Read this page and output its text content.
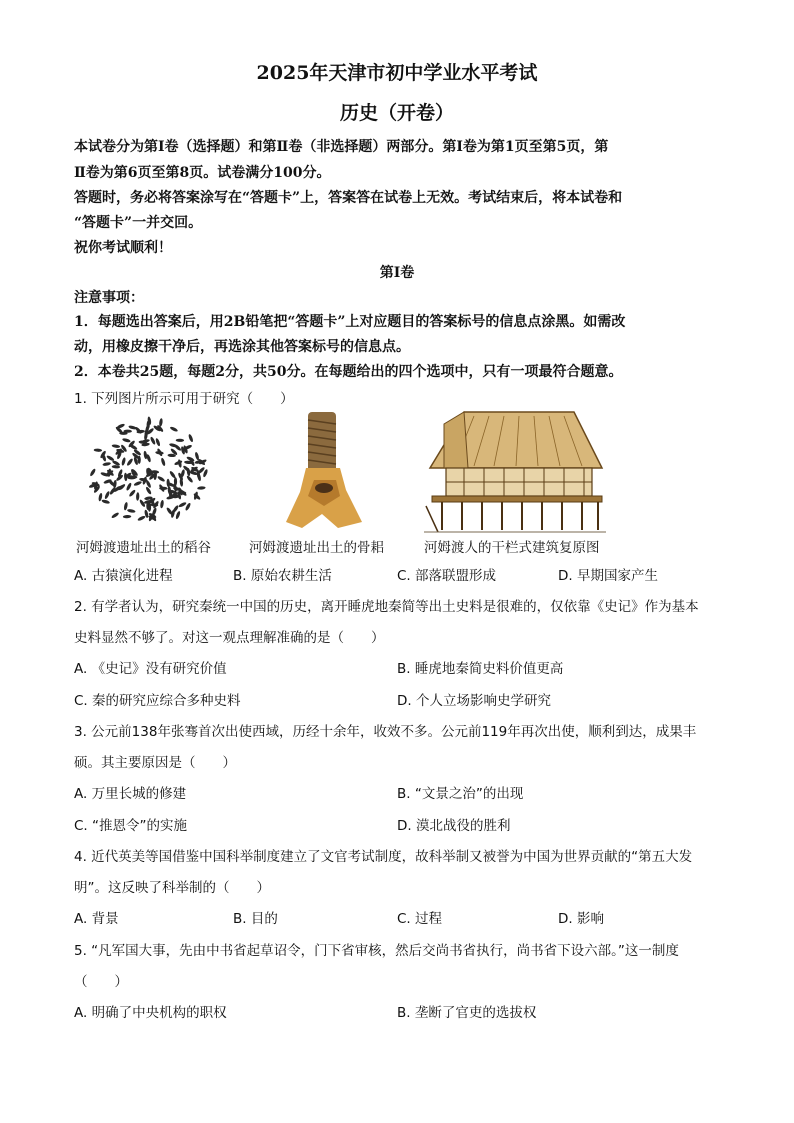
2025年天津市初中学业水平考试
历史（开卷）
本试卷分为第Ⅰ卷（选择题）和第Ⅱ卷（非选择题）两部分。第Ⅰ卷为第1页至第5页，第
Ⅱ卷为第6页至第8页。试卷满分100分。
答题时，务必将答案涂写在“答题卡”上，答案答在试卷上无效。考试结束后，将本试卷和
“答题卡”一并交回。
祝你考试顺利！
第Ⅰ卷
注意事项：
1．每题选出答案后，用2B铅笔把“答题卡”上对应题目的答案标号的信息点涂黑。如需改
动，用橡皮擦干净后，再选涂其他答案标号的信息点。
2．本卷共25题，每题2分，共50分。在每题给出的四个选项中，只有一项最符合题意。
1. 下列图片所示可用于研究（　　）
河姆渡遗址出土的稻谷	河姆渡遗址出土的骨耜	河姆渡人的干栏式建筑复原图
A. 古猿演化进程	B. 原始农耕生活	C. 部落联盟形成	D. 早期国家产生
2. 有学者认为，研究秦统一中国的历史，离开睡虎地秦简等出土史料是很难的，仅依靠《史记》作为基本
史料显然不够了。对这一观点理解准确的是（　　）
A. 《史记》没有研究价值	B. 睡虎地秦简史料价值更高
C. 秦的研究应综合多种史料	D. 个人立场影响史学研究
3. 公元前138年张骞首次出使西域，历经十余年，收效不多。公元前119年再次出使，顺利到达，成果丰
硕。其主要原因是（　　）
A. 万里长城的修建	B. “文景之治”的出现
C. “推恩令”的实施	D. 漠北战役的胜利
4. 近代英美等国借鉴中国科举制度建立了文官考试制度，故科举制又被誉为中国为世界贡献的“第五大发
明”。这反映了科举制的（　　）
A. 背景	B. 目的	C. 过程	D. 影响
5. “凡军国大事，先由中书省起草诏令，门下省审核，然后交尚书省执行，尚书省下设六部。”这一制度
（　　）
A. 明确了中央机构的职权	B. 垄断了官吏的选拔权
